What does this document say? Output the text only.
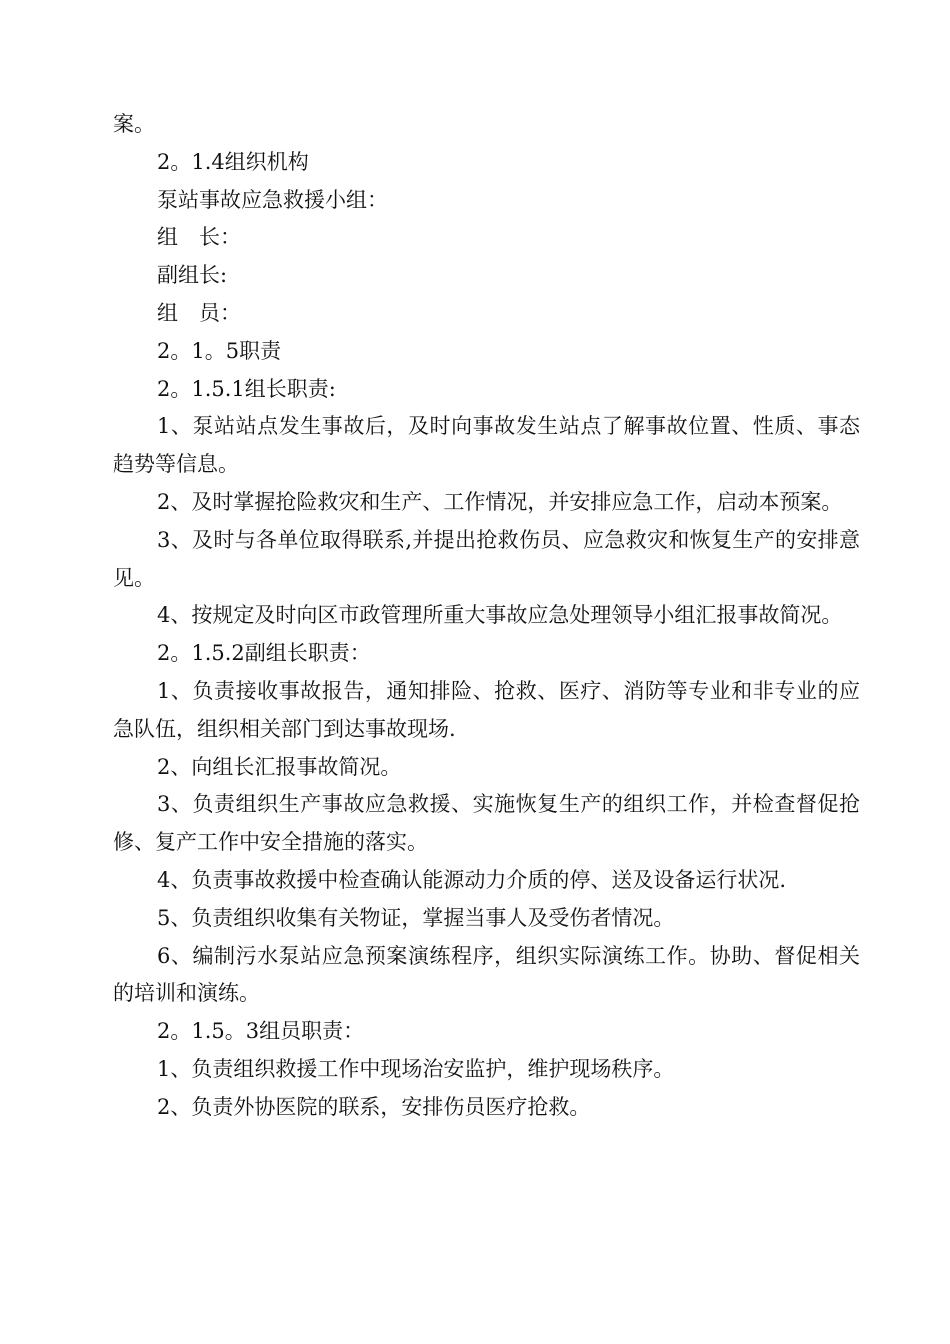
案。

2。1.4组织机构

泵站事故应急救援小组：

组　长：

副组长:

组　员：

2。1。5职责

2。1.5.1组长职责:

1、泵站站点发生事故后，及时向事故发生站点了解事故位置、性质、事态趋势等信息。

2、及时掌握抢险救灾和生产、工作情况，并安排应急工作，启动本预案。

3、及时与各单位取得联系,并提出抢救伤员、应急救灾和恢复生产的安排意见。

4、按规定及时向区市政管理所重大事故应急处理领导小组汇报事故简况。

2。1.5.2副组长职责：

1、负责接收事故报告，通知排险、抢救、医疗、消防等专业和非专业的应急队伍，组织相关部门到达事故现场.

2、向组长汇报事故简况。

3、负责组织生产事故应急救援、实施恢复生产的组织工作，并检查督促抢修、复产工作中安全措施的落实。

4、负责事故救援中检查确认能源动力介质的停、送及设备运行状况.

5、负责组织收集有关物证，掌握当事人及受伤者情况。

6、编制污水泵站应急预案演练程序，组织实际演练工作。协助、督促相关的培训和演练。

2。1.5。3组员职责：

1、负责组织救援工作中现场治安监护，维护现场秩序。

2、负责外协医院的联系，安排伤员医疗抢救。
